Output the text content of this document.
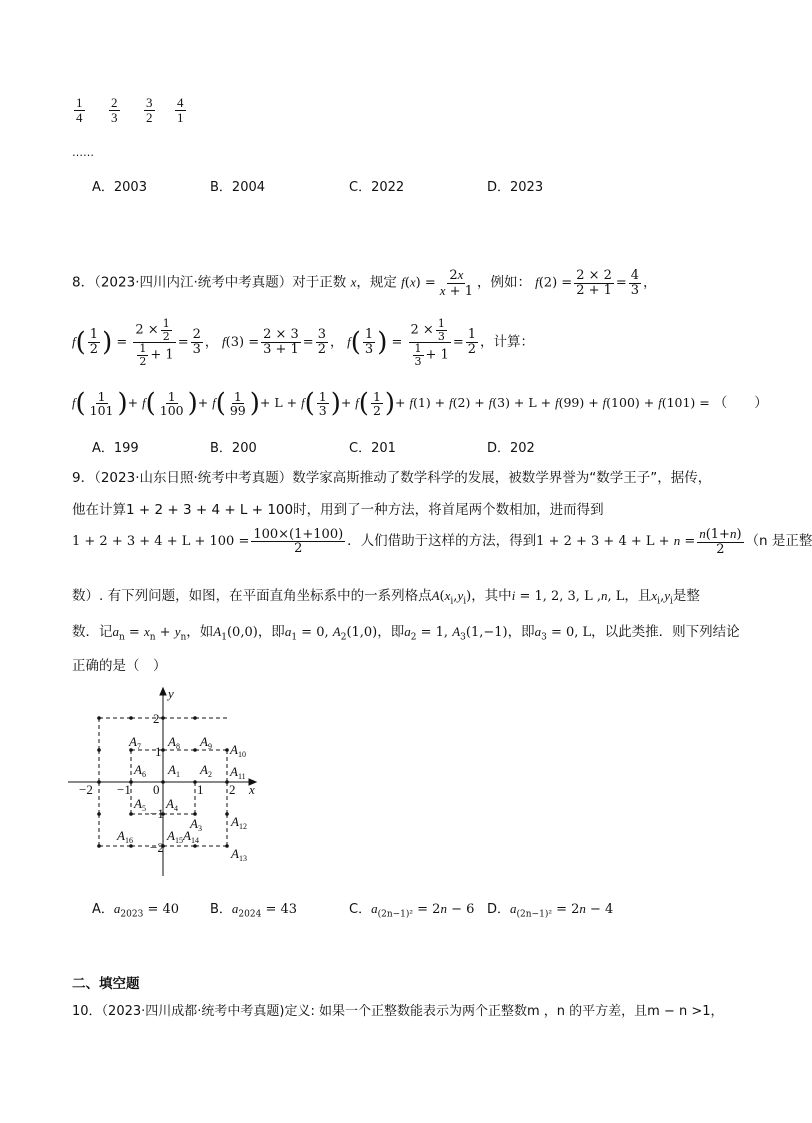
$\frac{1}{4}$
$\frac{2}{3}$
$\frac{3}{2}$
$\frac{4}{1}$
……
A．2003	B．2004	C．2022	D．2023
8．（2023·四川内江·统考中考真题）对于正数 x，规定 $f(x) = \frac{2x}{x + 1}$ ，例如： $f(2) = \frac{2 \times 2}{2 + 1} = \frac{4}{3}$ ，
$f( \frac{1}{2}$ ) = $\frac{2 \times \frac{1}{2}}{\frac{1}{2} + 1} = \frac{2}{3}$ ， $f(3) = \frac{2 \times 3}{3 + 1} = \frac{3}{2}$ ， $f( \frac{1}{3}$ ) = $\frac{2 \times \frac{1}{3}}{\frac{1}{3} + 1} = \frac{1}{2}$ ，计算：
$f( \frac{1}{101}$ )+ $f( \frac{1}{100}$ )+ $f( \frac{1}{99}$ )+ $L + f( \frac{1}{3}$ )+ $f( \frac{1}{2}$ )+ f(1) + f(2) + f(3) + L + f(99) + f(100) + f(101) = （　　）
A．199	B．200	C．201	D．202
9．（2023·山东日照·统考中考真题）数学家高斯推动了数学科学的发展，被数学界誉为“数学王子”，据传，
他在计算1 + 2 + 3 + 4 + L + 100时，用到了一种方法，将首尾两个数相加，进而得到
$1 + 2 + 3 + 4 + L + 100 = \frac{100\times(1+100)}{2}$ ．人们借助于这样的方法，得到$1 + 2 + 3 + 4 + L + n = \frac{n(1+n)}{2} (n$ 是正整
数）. 有下列问题，如图，在平面直角坐标系中的一系列格点$A(x_i,y_i)$，其中i = 1, 2, 3, L ,n, L，且$x_i,y_i$是整
数．记$a_n = x_n + y_n$，如$A_1(0,0)$，即$a_1 = 0$, $A_2(1,0)$，即$a_2 = 1$, $A_3(1,-1)$，即$a_3 = 0$, L，以此类推．则下列结论
正确的是（　）
y
x
−2 −1 0	1 2
2
1
−1
−2
$A_1$ $A_2$
$A_3$
$A_4$
$A_5$
$A_6$
$A_7$ $A_8$ $A_9$ $A_{10}$
$A_{11}$
$A_{12}$
$A_{13}$
$A_{14}$
$A_{15}$
$A_{16}$
A．$a_{2023} = 40$ B．$a_{2024} = 43$	C．$a_{(2n-1)^2} = 2n - 6$ D．$a_{(2n-1)^2} = 2n - 4$
二、填空题
10．（2023·四川成都·统考中考真题)定义: 如果一个正整数能表示为两个正整数m ，n 的平方差，且m − n >1，
